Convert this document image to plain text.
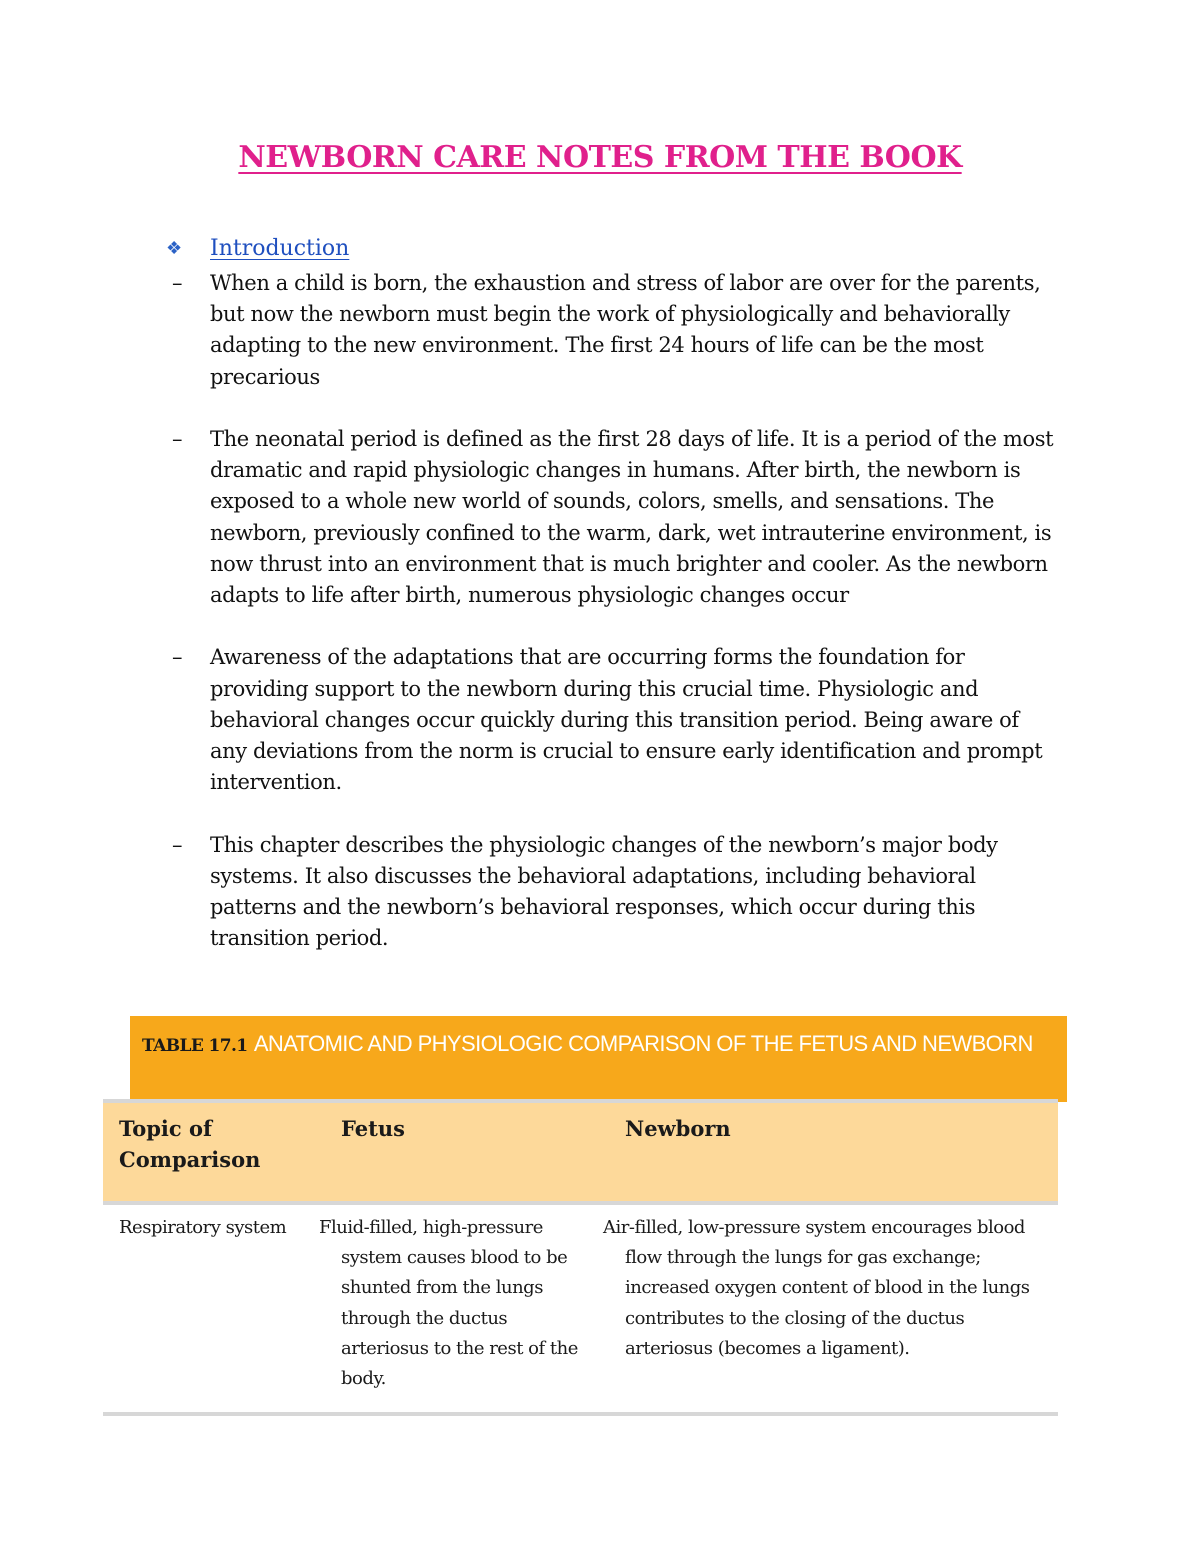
NEWBORN CARE NOTES FROM THE BOOK
❖	Introduction
–	When a child is born, the exhaustion and stress of labor are over for the parents, but now the newborn must begin the work of physiologically and behaviorally adapting to the new environment. The first 24 hours of life can be the most precarious
–	The neonatal period is defined as the first 28 days of life. It is a period of the most dramatic and rapid physiologic changes in humans. After birth, the newborn is exposed to a whole new world of sounds, colors, smells, and sensations. The newborn, previously confined to the warm, dark, wet intrauterine environment, is now thrust into an environment that is much brighter and cooler. As the newborn adapts to life after birth, numerous physiologic changes occur
–	Awareness of the adaptations that are occurring forms the foundation for providing support to the newborn during this crucial time. Physiologic and behavioral changes occur quickly during this transition period. Being aware of any deviations from the norm is crucial to ensure early identification and prompt intervention.
–	This chapter describes the physiologic changes of the newborn’s major body systems. It also discusses the behavioral adaptations, including behavioral patterns and the newborn’s behavioral responses, which occur during this transition period.
TABLE 17.1 ANATOMIC AND PHYSIOLOGIC COMPARISON OF THE FETUS AND NEWBORN
Topic of Comparison	Fetus	Newborn
Respiratory system	Fluid-filled, high-pressure system causes blood to be shunted from the lungs through the ductus arteriosus to the rest of the body.	Air-filled, low-pressure system encourages blood flow through the lungs for gas exchange; increased oxygen content of blood in the lungs contributes to the closing of the ductus arteriosus (becomes a ligament).
